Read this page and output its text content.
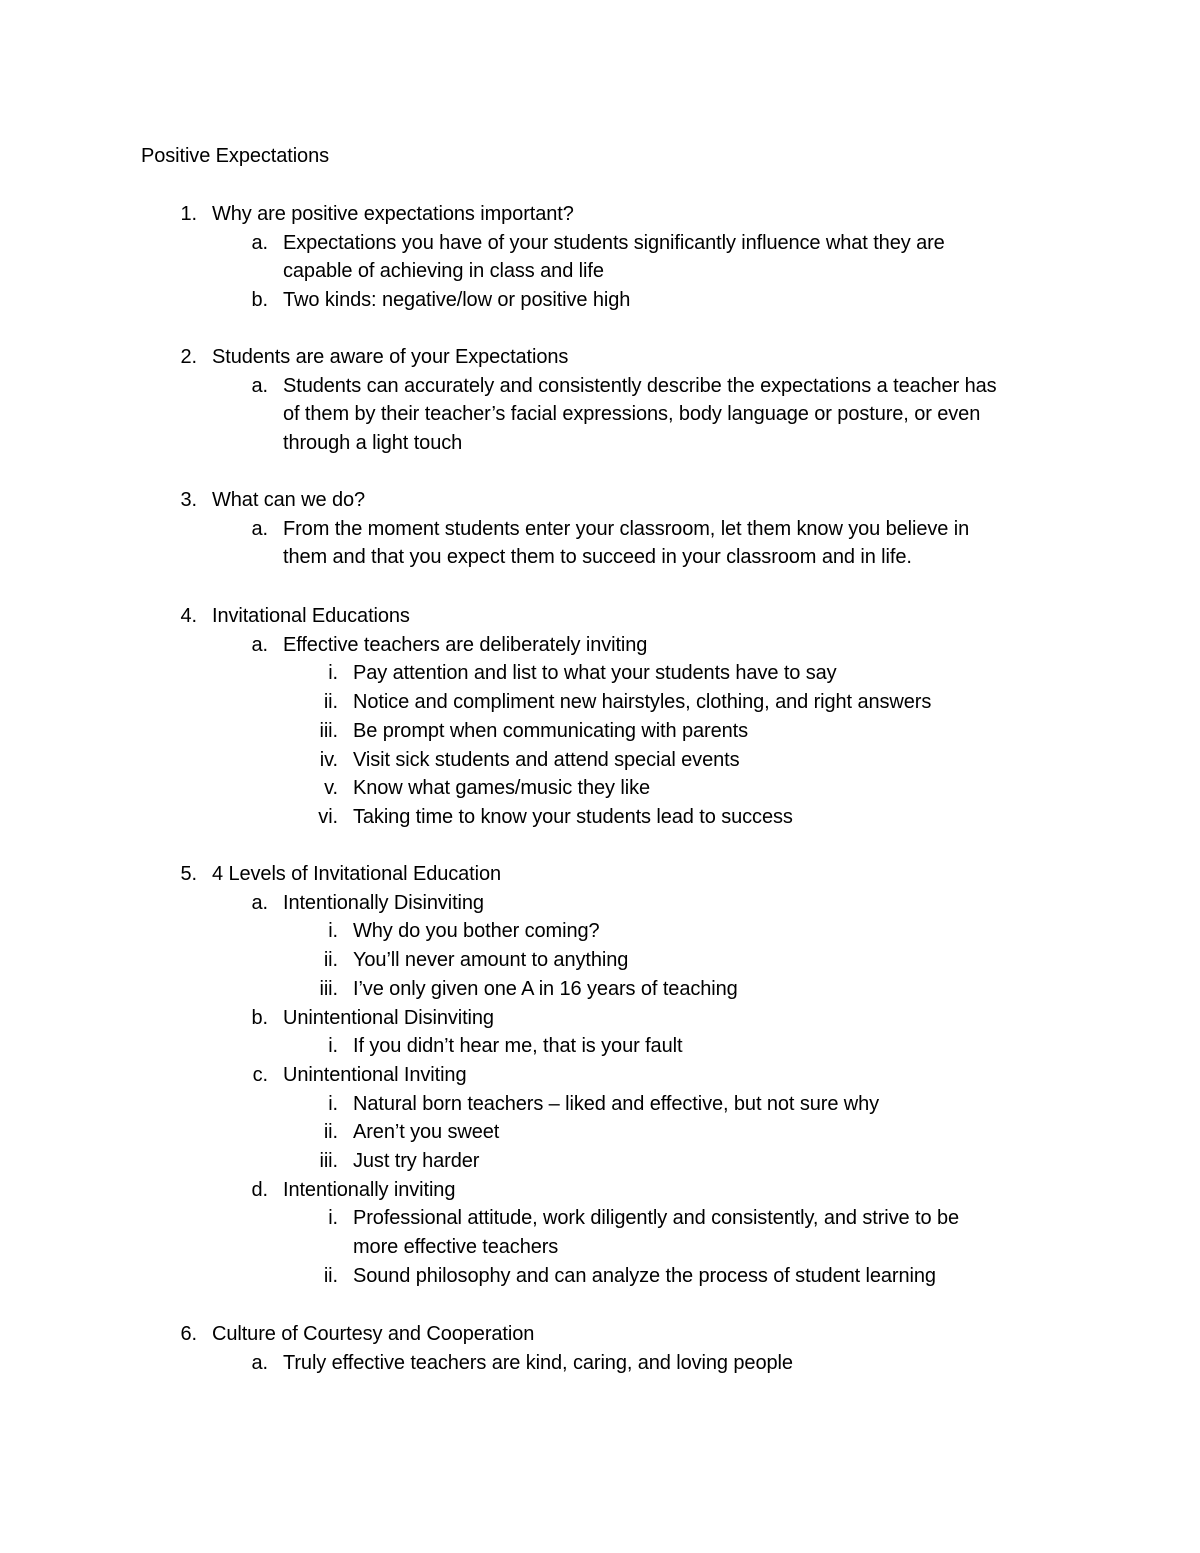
Positive Expectations
1. Why are positive expectations important?
a. Expectations you have of your students significantly influence what they are
capable of achieving in class and life
b. Two kinds: negative/low or positive high
2. Students are aware of your Expectations
a. Students can accurately and consistently describe the expectations a teacher has
of them by their teacher’s facial expressions, body language or posture, or even
through a light touch
3. What can we do?
a. From the moment students enter your classroom, let them know you believe in
them and that you expect them to succeed in your classroom and in life.
4. Invitational Educations
a. Effective teachers are deliberately inviting
i. Pay attention and list to what your students have to say
ii. Notice and compliment new hairstyles, clothing, and right answers
iii. Be prompt when communicating with parents
iv. Visit sick students and attend special events
v. Know what games/music they like
vi. Taking time to know your students lead to success
5. 4 Levels of Invitational Education
a. Intentionally Disinviting
i. Why do you bother coming?
ii. You’ll never amount to anything
iii. I’ve only given one A in 16 years of teaching
b. Unintentional Disinviting
i. If you didn’t hear me, that is your fault
c. Unintentional Inviting
i. Natural born teachers – liked and effective, but not sure why
ii. Aren’t you sweet
iii. Just try harder
d. Intentionally inviting
i. Professional attitude, work diligently and consistently, and strive to be
more effective teachers
ii. Sound philosophy and can analyze the process of student learning
6. Culture of Courtesy and Cooperation
a. Truly effective teachers are kind, caring, and loving people
